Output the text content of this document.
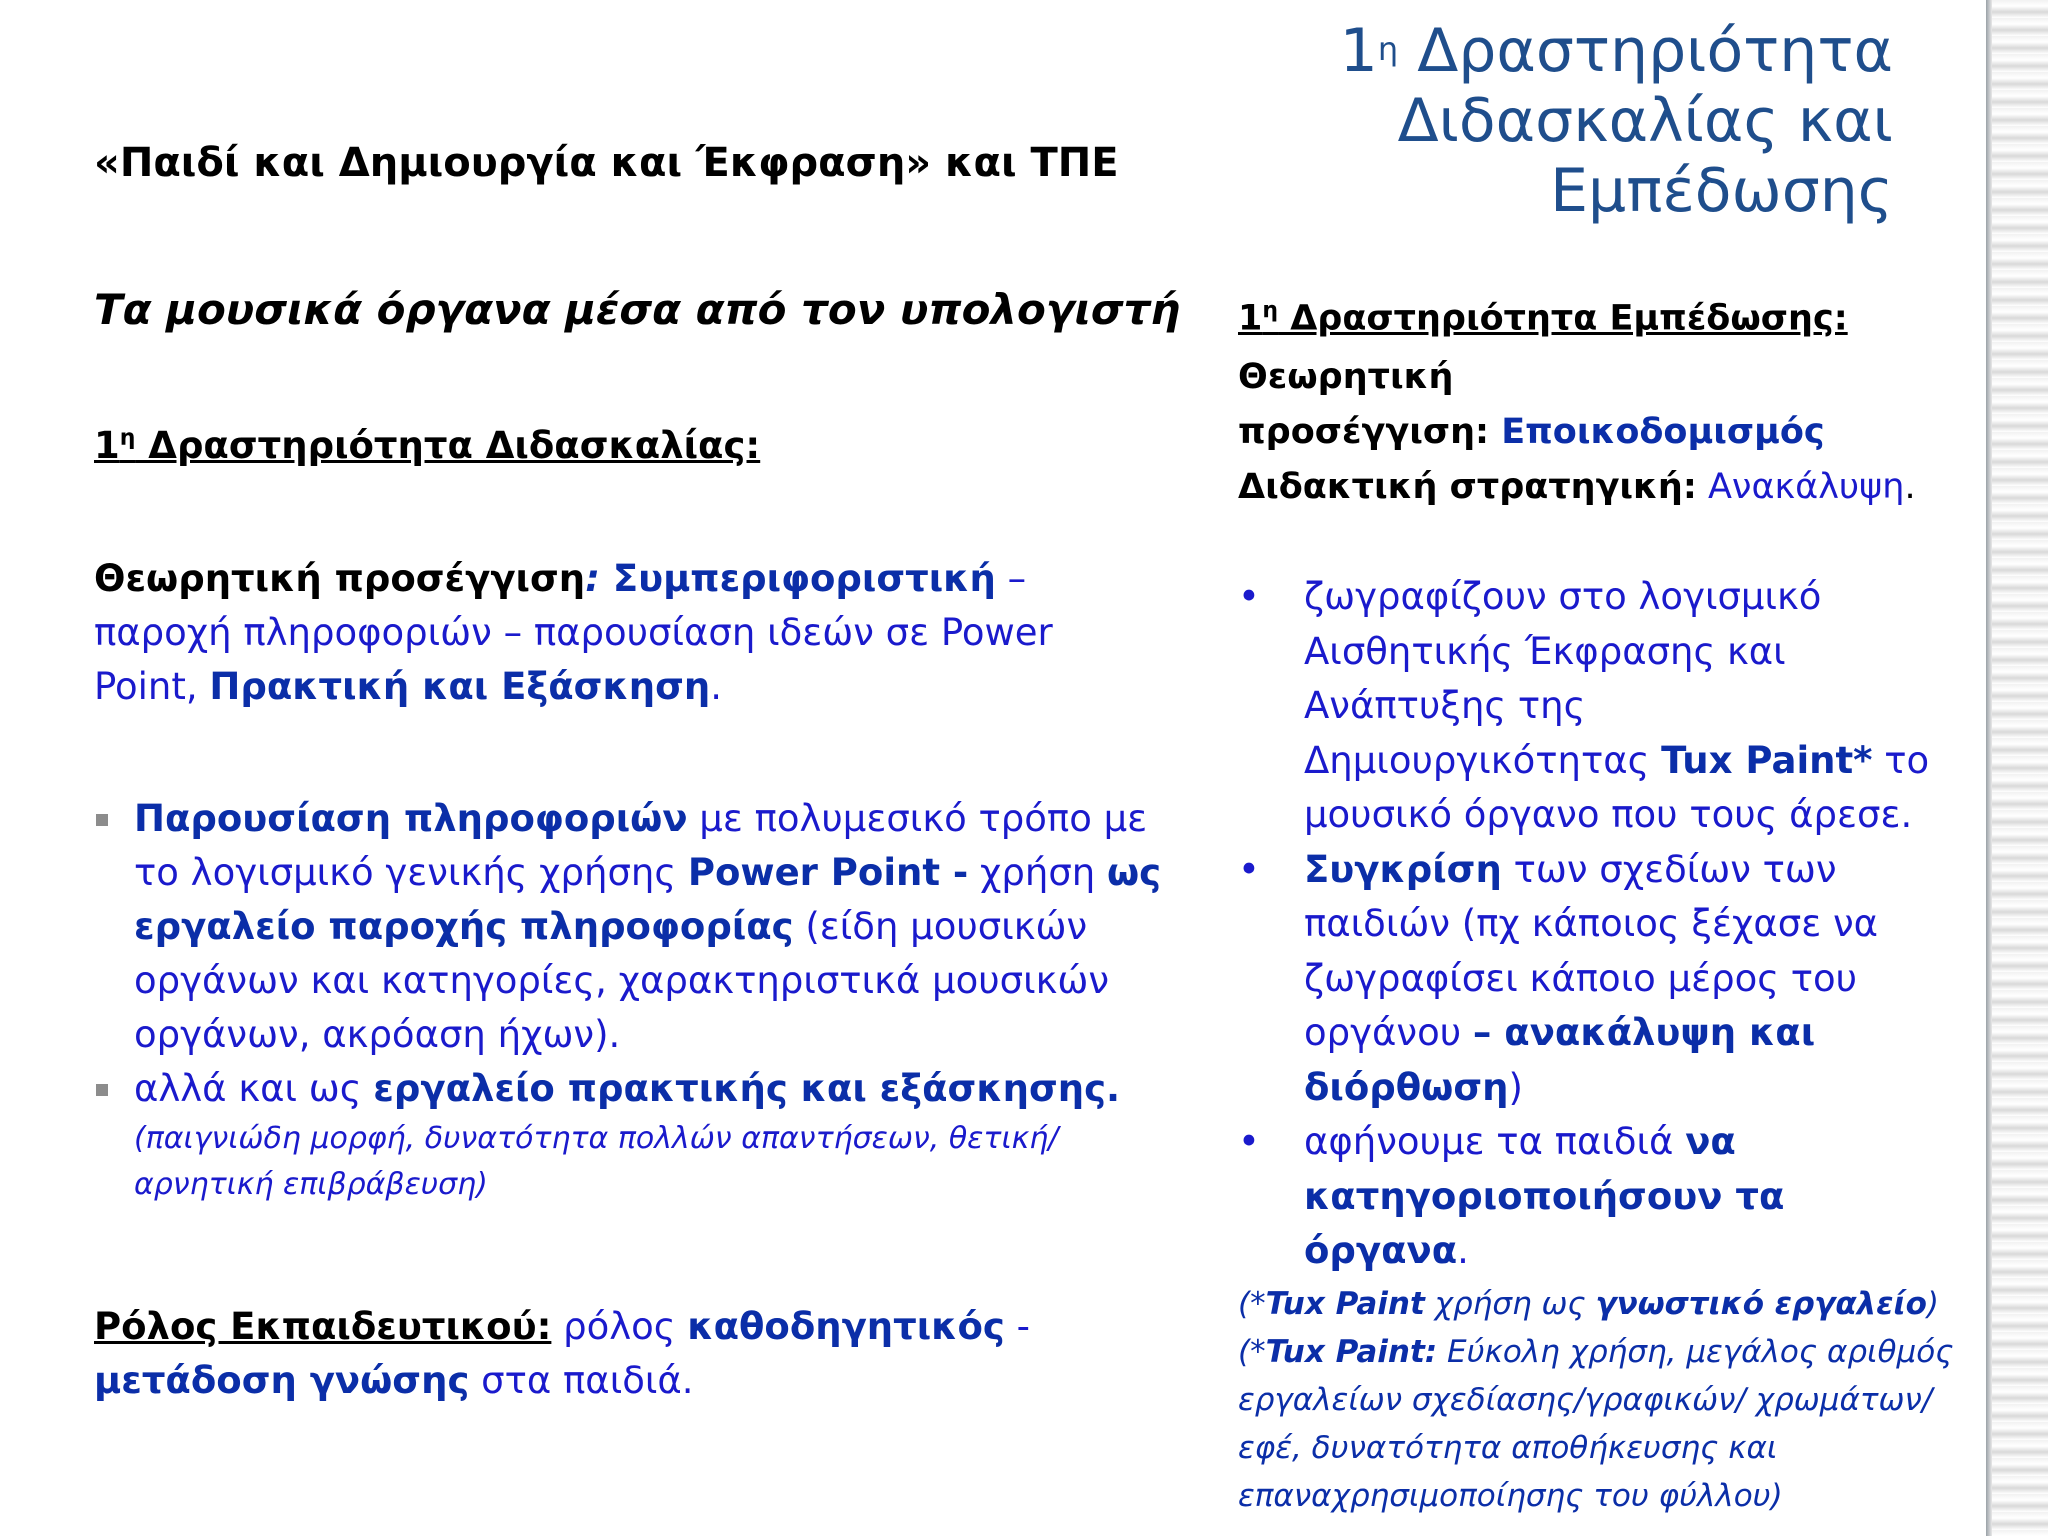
$1^\eta$ Δραστηριότητα
Διδασκαλίας και
Εμπέδωσης
«Παιδί και Δημιουργία και Έκφραση» και ΤΠΕ
Τα μουσικά όργανα μέσα από τον υπολογιστή
$1^\eta$ Δραστηριότητα Διδασκαλίας:
Θεωρητική προσέγγιση: Συμπεριφοριστική – παροχή πληροφοριών – παρουσίαση ιδεών σε Power Point, Πρακτική και Εξάσκηση.
Παρουσίαση πληροφοριών με πολυμεσικό τρόπο με το λογισμικό γενικής χρήσης Power Point - χρήση ως εργαλείο παροχής πληροφορίας (είδη μουσικών οργάνων και κατηγορίες, χαρακτηριστικά μουσικών οργάνων, ακρόαση ήχων).
αλλά και ως εργαλείο πρακτικής και εξάσκησης.
(παιγνιώδη μορφή, δυνατότητα πολλών απαντήσεων, θετική/αρνητική επιβράβευση)
Ρόλος Εκπαιδευτικού: ρόλος καθοδηγητικός - μετάδοση γνώσης στα παιδιά.
$1^\eta$ Δραστηριότητα Εμπέδωσης:
Θεωρητική
προσέγγιση: Εποικοδομισμός
Διδακτική στρατηγική: Ανακάλυψη.
• ζωγραφίζουν στο λογισμικό Αισθητικής Έκφρασης και Ανάπτυξης της Δημιουργικότητας Tux Paint* το μουσικό όργανο που τους άρεσε.
• Συγκρίση των σχεδίων των παιδιών (πχ κάποιος ξέχασε να ζωγραφίσει κάποιο μέρος του οργάνου – ανακάλυψη και διόρθωση)
• αφήνουμε τα παιδιά να κατηγοριοποιήσουν τα όργανα.
(*Tux Paint χρήση ως γνωστικό εργαλείο)
(*Tux Paint: Εύκολη χρήση, μεγάλος αριθμός εργαλείων σχεδίασης/γραφικών/ χρωμάτων/ εφέ, δυνατότητα αποθήκευσης και επαναχρησιμοποίησης του φύλλου)
